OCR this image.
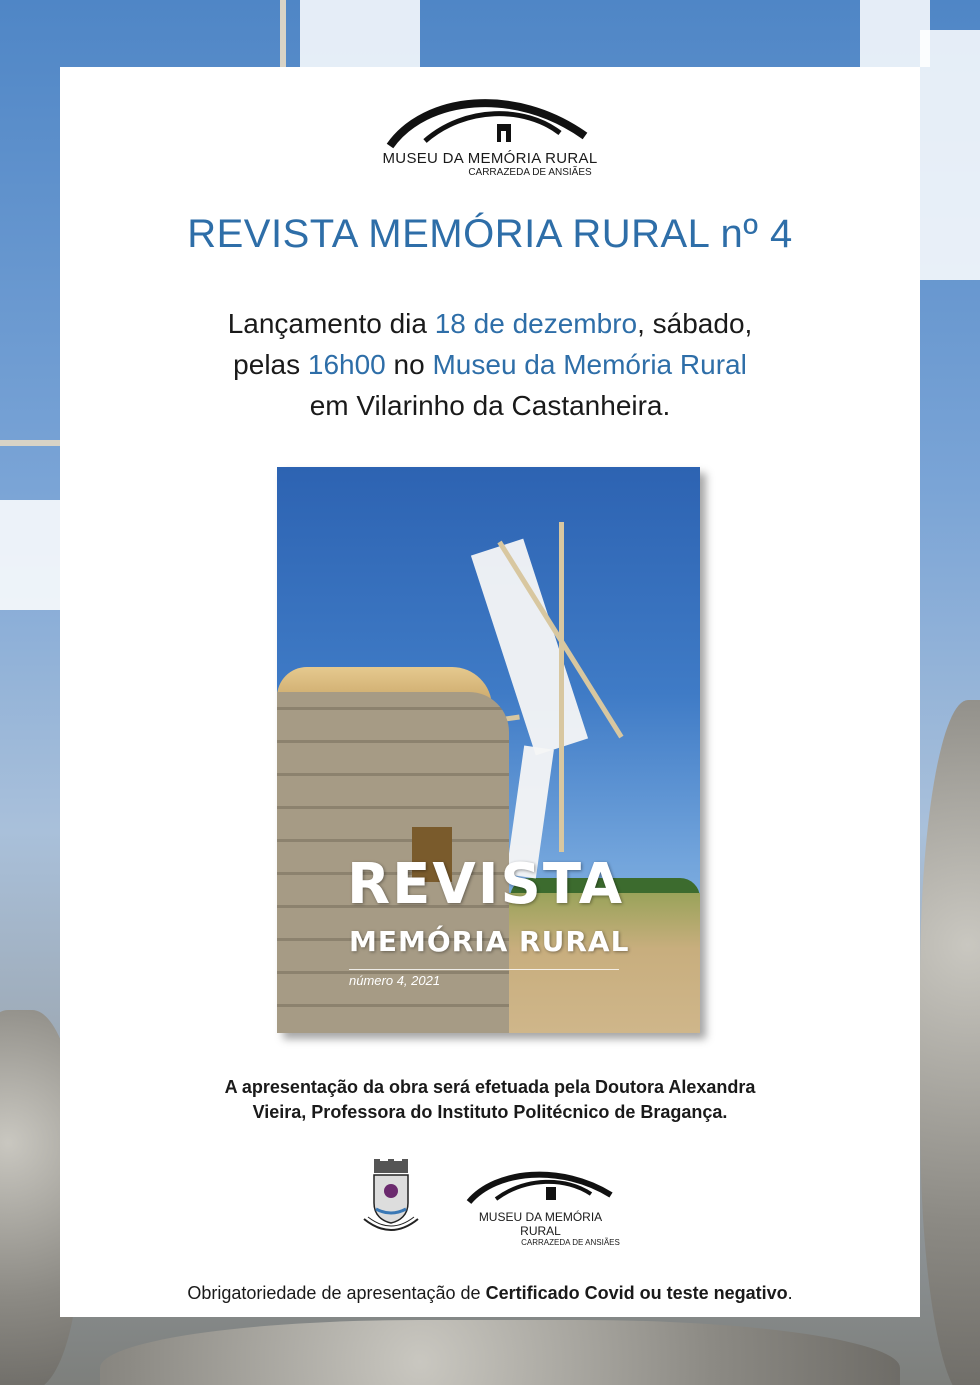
MUSEU DA MEMÓRIA RURAL
CARRAZEDA DE ANSIÃES
REVISTA MEMÓRIA RURAL nº 4
Lançamento dia 18 de dezembro, sábado,
pelas 16h00 no Museu da Memória Rural
em Vilarinho da Castanheira.
REVISTA
MEMÓRIA RURAL
número 4, 2021
A apresentação da obra será efetuada pela Doutora Alexandra
Vieira, Professora do Instituto Politécnico de Bragança.
MUSEU DA MEMÓRIA RURAL
CARRAZEDA DE ANSIÃES
Obrigatoriedade de apresentação de Certificado Covid ou teste negativo.
